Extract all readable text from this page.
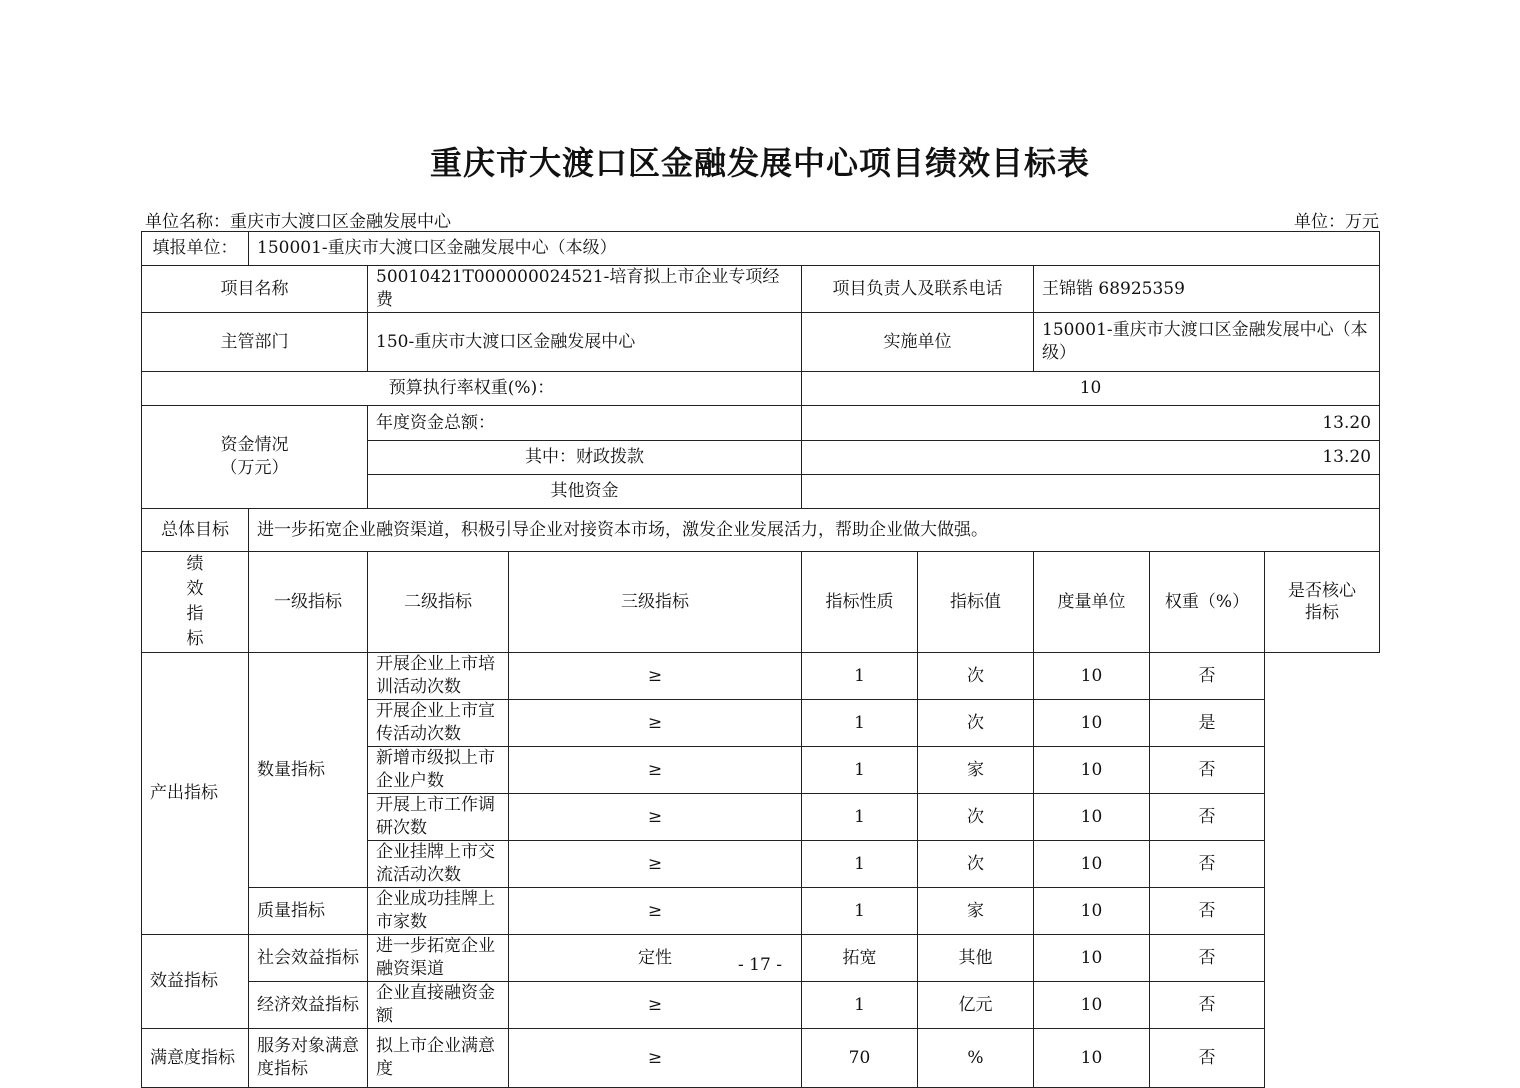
重庆市大渡口区金融发展中心项目绩效目标表
单位名称：重庆市大渡口区金融发展中心	单位：万元
填报单位：	150001-重庆市大渡口区金融发展中心（本级）							
项目名称		50010421T000000024521-培育拟上市企业专项经费		项目负责人及联系电话		王锦锴 68925359		
主管部门		150-重庆市大渡口区金融发展中心		实施单位		150001-重庆市大渡口区金融发展中心（本级）		
预算执行率权重(%)：				10				
资金情况（万元）		年度资金总额：		13.20				
		其中：财政拨款		13.20				
		其他资金						
总体目标	进一步拓宽企业融资渠道，积极引导企业对接资本市场，激发企业发展活力，帮助企业做大做强。							

绩
效
指
标	一级指标	二级指标	三级指标	指标性质	指标值	度量单位	权重（%）	是否核心指标
产出指标	数量指标	开展企业上市培训活动次数	≥	1	次	10	否	
		开展企业上市宣传活动次数	≥	1	次	10	是	
		新增市级拟上市企业户数	≥	1	家	10	否	
		开展上市工作调研次数	≥	1	次	10	否	
		企业挂牌上市交流活动次数	≥	1	次	10	否	
	质量指标	企业成功挂牌上市家数	≥	1	家	10	否	
效益指标	社会效益指标	进一步拓宽企业融资渠道	定性	拓宽	其他	10	否	
	经济效益指标	企业直接融资金额	≥	1	亿元	10	否	
满意度指标	服务对象满意度指标	拟上市企业满意度	≥	70	%	10	否	
- 17 -
